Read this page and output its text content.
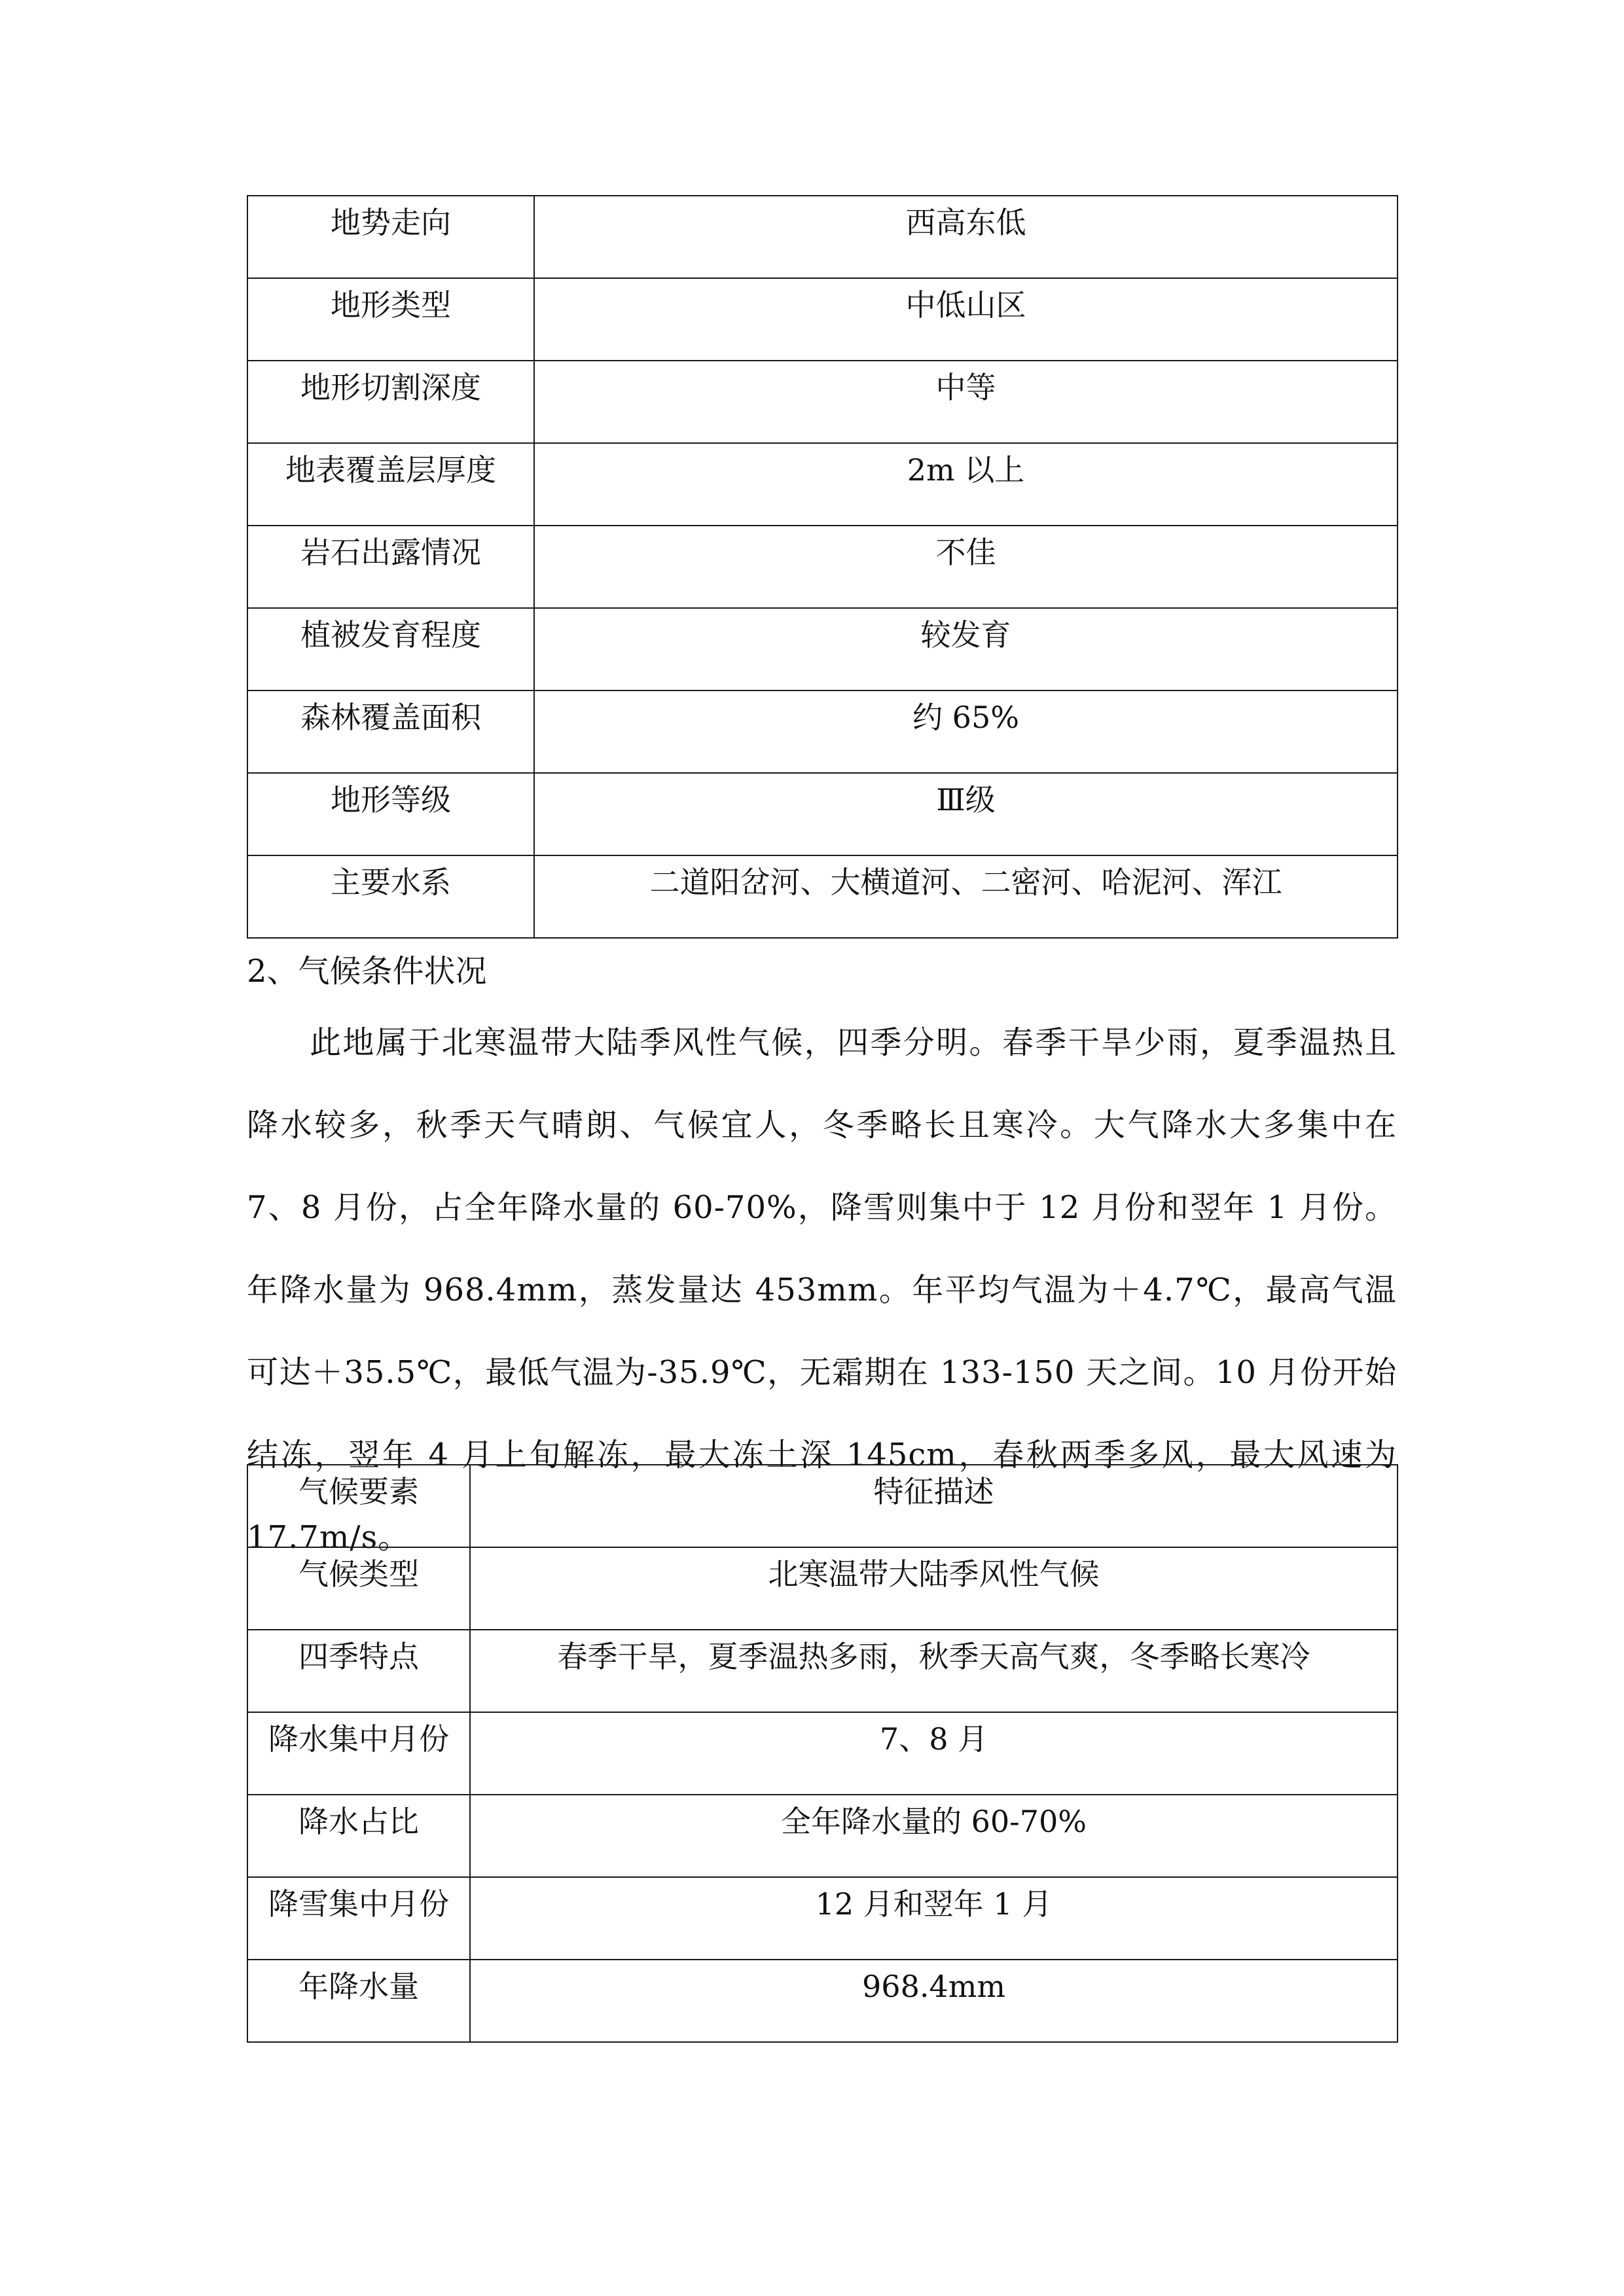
地势走向	西高东低
地形类型	中低山区
地形切割深度	中等
地表覆盖层厚度	2m 以上
岩石出露情况	不佳
植被发育程度	较发育
森林覆盖面积	约 65%
地形等级	Ⅲ级
主要水系	二道阳岔河、大横道河、二密河、哈泥河、浑江
2、气候条件状况

此地属于北寒温带大陆季风性气候，四季分明。春季干旱少雨，夏季温热且降水较多，秋季天气晴朗、气候宜人，冬季略长且寒冷。大气降水大多集中在 7、8 月份，占全年降水量的 60-70%，降雪则集中于 12 月份和翌年 1 月份。年降水量为 968.4mm，蒸发量达 453mm。年平均气温为＋4.7℃，最高气温可达＋35.5℃，最低气温为-35.9℃，无霜期在 133-150 天之间。10 月份开始结冻，翌年 4 月上旬解冻，最大冻土深 145cm，春秋两季多风，最大风速为 17.7m/s。

气候要素	特征描述
气候类型	北寒温带大陆季风性气候
四季特点	春季干旱，夏季温热多雨，秋季天高气爽，冬季略长寒冷
降水集中月份	7、8 月
降水占比	全年降水量的 60-70%
降雪集中月份	12 月和翌年 1 月
年降水量	968.4mm
